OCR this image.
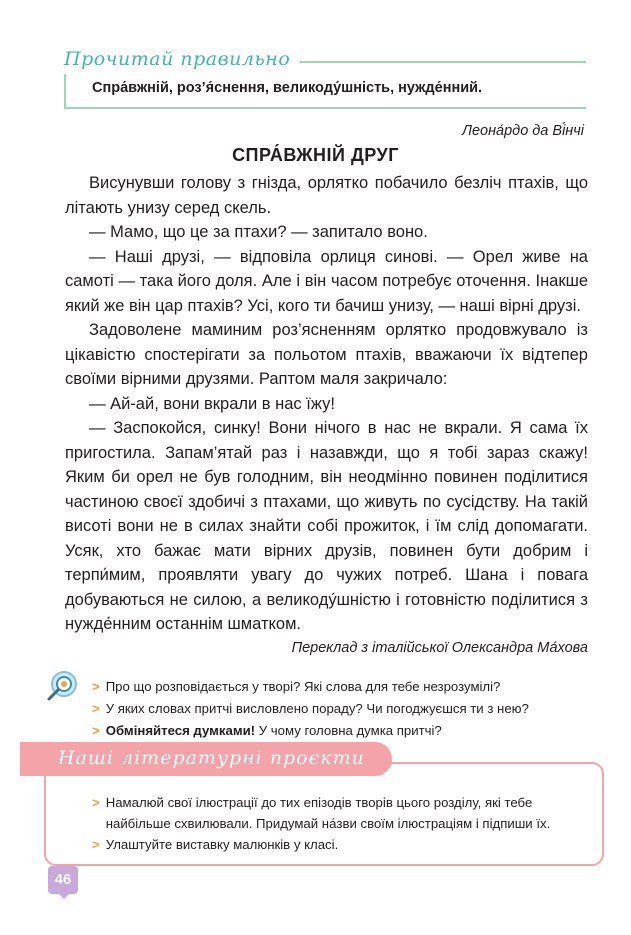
Прочитай правильно
Спра́вжній, роз’я́снення, великоду́шність, нужде́нний.
Леона́рдо да Ві́нчі
СПРА́ВЖНІЙ ДРУГ

Висунувши голову з гнізда, орлятко побачило безліч птахів, що літають унизу серед скель.

— Мамо, що це за птахи? — запитало воно.

— Наші друзі, — відповіла орлиця синові. — Орел живе на самоті — така його доля. Але і він часом потребує оточення. Інакше який же він цар птахів? Усі, кого ти бачиш унизу, — наші вірні друзі.

Задоволене маминим роз’ясненням орлятко продовжувало із цікавістю спостерігати за польотом птахів, вважаючи їх відтепер своїми вірними друзями. Раптом маля закричало:

— Ай-ай, вони вкрали в нас їжу!

— Заспокойся, синку! Вони нічого в нас не вкрали. Я сама їх пригостила. Запам’ятай раз і назавжди, що я тобі зараз скажу! Яким би орел не був голодним, він неодмінно повинен поділитися частиною своєї здобичі з птахами, що живуть по сусідству. На такій висоті вони не в силах знайти собі прожиток, і їм слід допомагати. Усяк, хто бажає мати вірних друзів, повинен бути добрим і терпи́мим, проявляти увагу до чужих потреб. Шана і повага добуваються не силою, а великоду́шністю і готовністю поділитися з нужде́нним останнім шматком.

Переклад з італійської Олександра Ма́хова
> Про що розповідається у творі? Які слова для тебе незрозумілі?
> У яких словах притчі висловлено пораду? Чи погоджуєшся ти з нею?
> Обміняйтеся думками! У чому головна думка притчі?
Наші літературні проєкти
> Намалюй свої ілюстрації до тих епізодів творів цього розділу, які тебе найбільше схвилювали. Придумай на́зви своїм ілюстраціям і підпиши їх.
> Улаштуйте виставку малюнків у класі.
46
